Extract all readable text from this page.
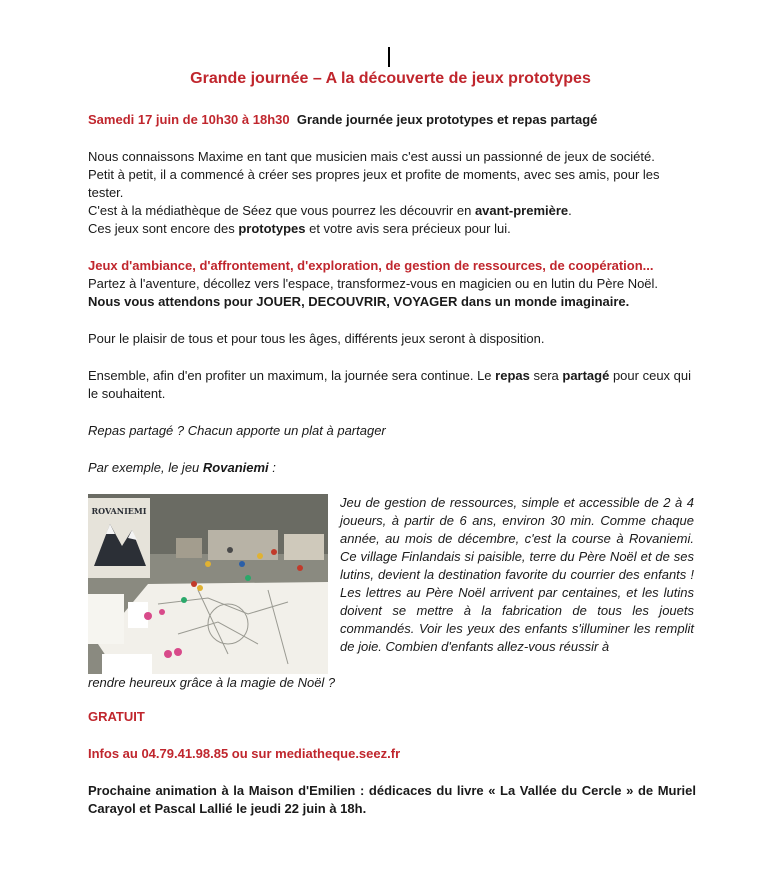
Grande journée – A la découverte de jeux prototypes

Samedi 17 juin de 10h30 à 18h30 Grande journée jeux prototypes et repas partagé

Nous connaissons Maxime en tant que musicien mais c'est aussi un passionné de jeux de société.

Petit à petit, il a commencé à créer ses propres jeux et profite de moments, avec ses amis, pour les tester.

C'est à la médiathèque de Séez que vous pourrez les découvrir en avant-première.

Ces jeux sont encore des prototypes et votre avis sera précieux pour lui.

Jeux d'ambiance, d'affrontement, d'exploration, de gestion de ressources, de coopération...

Partez à l'aventure, décollez vers l'espace, transformez-vous en magicien ou en lutin du Père Noël.

Nous vous attendons pour JOUER, DECOUVRIR, VOYAGER dans un monde imaginaire.

Pour le plaisir de tous et pour tous les âges, différents jeux seront à disposition.

Ensemble, afin d'en profiter un maximum, la journée sera continue. Le repas sera partagé pour ceux qui le souhaitent.

Repas partagé ? Chacun apporte un plat à partager

Par exemple, le jeu Rovaniemi :

ROVANIEMI
Jeu de gestion de ressources, simple et accessible de 2 à 4 joueurs, à partir de 6 ans, environ 30 min. Comme chaque année, au mois de décembre, c'est la course à Rovaniemi. Ce village Finlandais si paisible, terre du Père Noël et de ses lutins, devient la destination favorite du courrier des enfants ! Les lettres au Père Noël arrivent par centaines, et les lutins doivent se mettre à la fabrication de tous les jouets commandés. Voir les yeux des enfants s'illuminer les remplit de joie. Combien d'enfants allez-vous réussir à
rendre heureux grâce à la magie de Noël ?

GRATUIT

Infos au 04.79.41.98.85 ou sur mediatheque.seez.fr

Prochaine animation à la Maison d'Emilien : dédicaces du livre « La Vallée du Cercle » de Muriel Carayol et Pascal Lallié le jeudi 22 juin à 18h.
